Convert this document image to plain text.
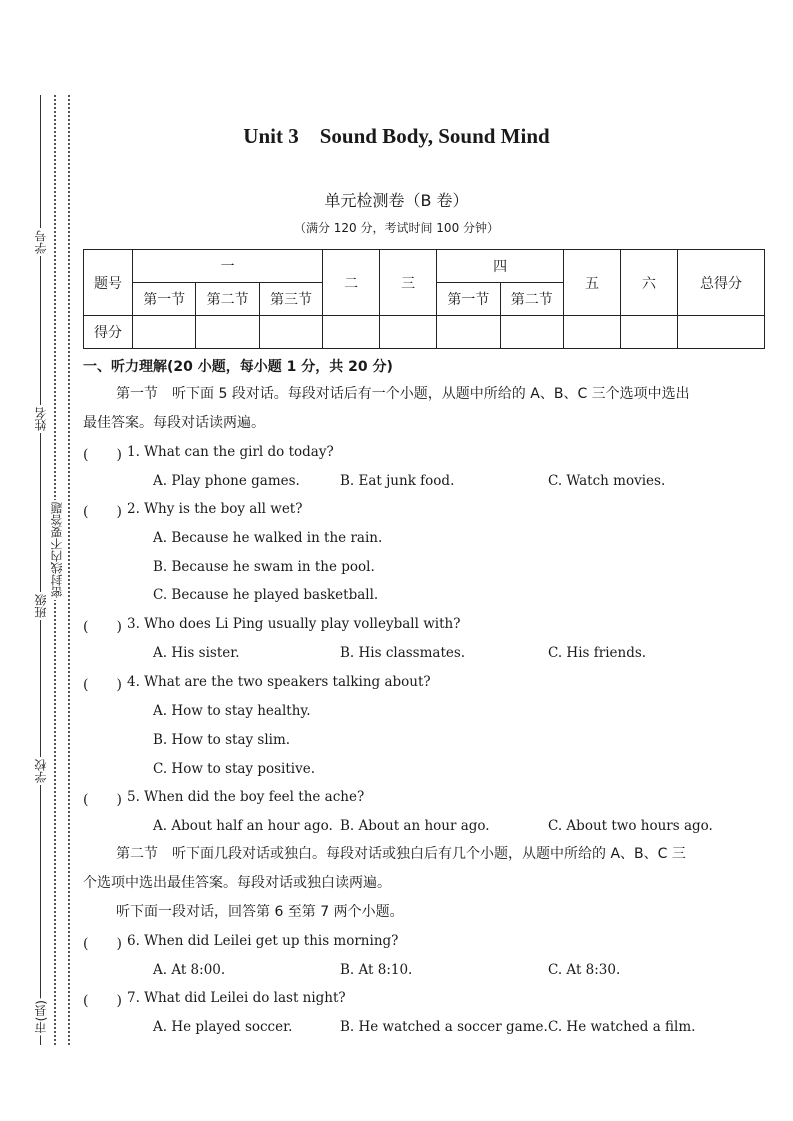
学号
姓名
班级
密封线内不要答题
学校
市(县)
Unit 3　Sound Body, Sound Mind
单元检测卷（B 卷）
（满分 120 分，考试时间 100 分钟）
题号	一			二	三	四		五	六	总得分
	第一节	第二节	第三节			第一节	第二节			
得分										
一、听力理解(20 小题，每小题 1 分，共 20 分)
第一节　听下面 5 段对话。每段对话后有一个小题，从题中所给的 A、B、C 三个选项中选出
最佳答案。每段对话读两遍。
(　　) 1. What can the girl do today?
A. Play phone games.	B. Eat junk food.	C. Watch movies.
(　　) 2. Why is the boy all wet?
A. Because he walked in the rain.
B. Because he swam in the pool.
C. Because he played basketball.
(　　) 3. Who does Li Ping usually play volleyball with?
A. His sister.	B. His classmates.	C. His friends.
(　　) 4. What are the two speakers talking about?
A. How to stay healthy.
B. How to stay slim.
C. How to stay positive.
(　　) 5. When did the boy feel the ache?
A. About half an hour ago. B. About an hour ago.	C. About two hours ago.
第二节　听下面几段对话或独白。每段对话或独白后有几个小题，从题中所给的 A、B、C 三
个选项中选出最佳答案。每段对话或独白读两遍。
听下面一段对话，回答第 6 至第 7 两个小题。
(　　) 6. When did Leilei get up this morning?
A. At 8:00.	B. At 8:10.	C. At 8:30.
(　　) 7. What did Leilei do last night?
A. He played soccer.	B. He watched a soccer game. C. He watched a film.
